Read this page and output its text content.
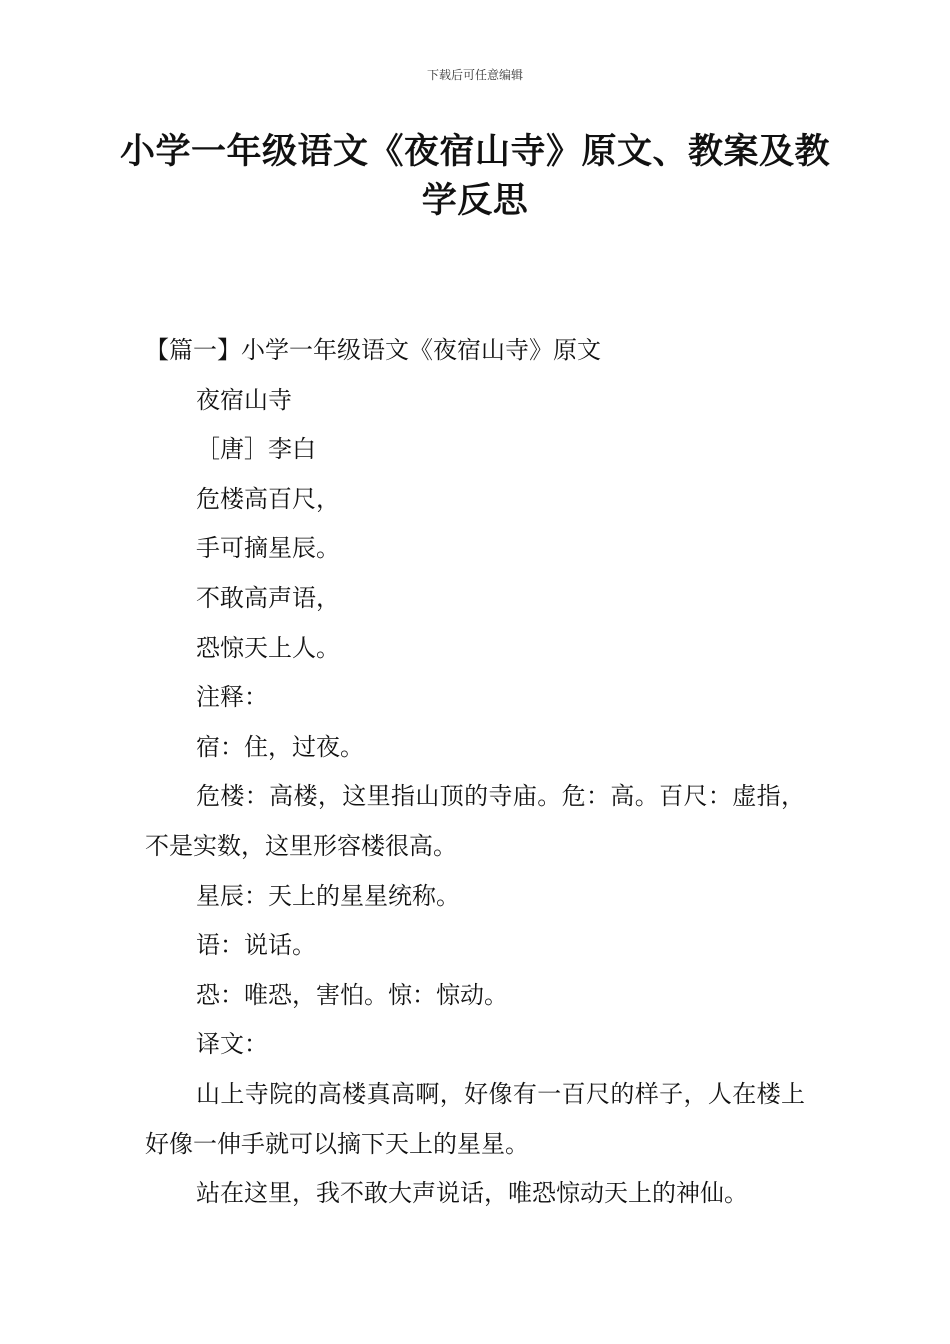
下载后可任意编辑
小学一年级语文《夜宿山寺》原文、教案及教学反思

【篇一】小学一年级语文《夜宿山寺》原文

夜宿山寺

［唐］李白

危楼高百尺，

手可摘星辰。

不敢高声语，

恐惊天上人。

注释：

宿：住，过夜。

危楼：高楼，这里指山顶的寺庙。危：高。百尺：虚指，不是实数，这里形容楼很高。

星辰：天上的星星统称。

语：说话。

恐：唯恐，害怕。惊：惊动。

译文：

山上寺院的高楼真高啊，好像有一百尺的样子，人在楼上好像一伸手就可以摘下天上的星星。

站在这里，我不敢大声说话，唯恐惊动天上的神仙。
